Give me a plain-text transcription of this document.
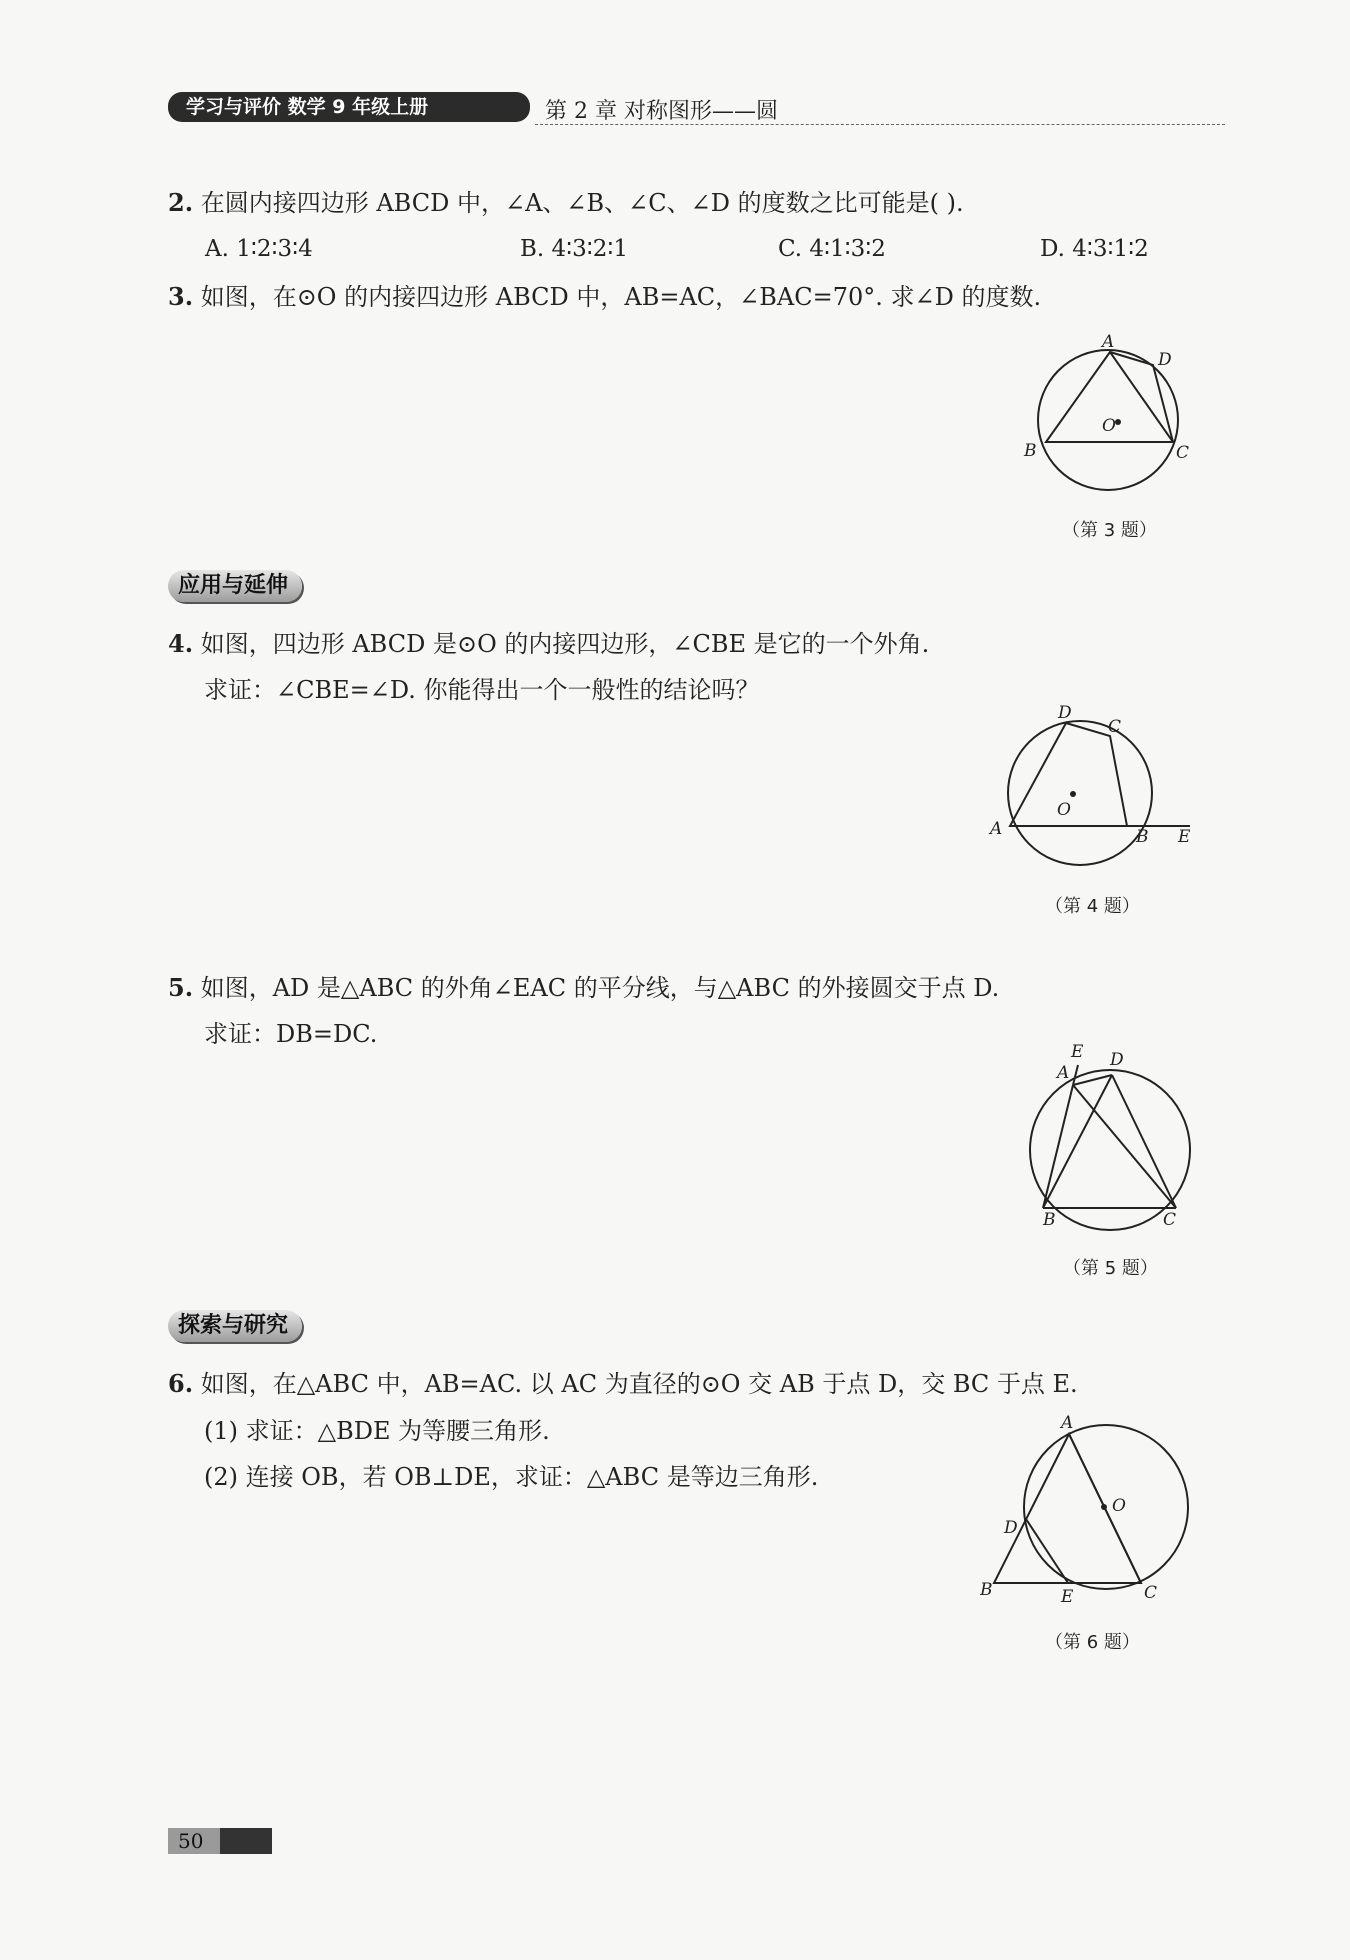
学习与评价 数学 9 年级上册	第 2 章 对称图形——圆
2. 在圆内接四边形 ABCD 中，∠A、∠B、∠C、∠D 的度数之比可能是( ).
A. 1∶2∶3∶4	B. 4∶3∶2∶1	C. 4∶1∶3∶2	D. 4∶3∶1∶2
3. 如图，在⊙O 的内接四边形 ABCD 中，AB=AC，∠BAC=70°. 求∠D 的度数.
A
D
O
B	C
（第 3 题）
应用与延伸
4. 如图，四边形 ABCD 是⊙O 的内接四边形，∠CBE 是它的一个外角.
求证：∠CBE=∠D. 你能得出一个一般性的结论吗？
D
C
O
A	B E
（第 4 题）
5. 如图，AD 是△ABC 的外角∠EAC 的平分线，与△ABC 的外接圆交于点 D.
求证：DB=DC.
E
A
D
B	C
（第 5 题）
探索与研究
6. 如图，在△ABC 中，AB=AC. 以 AC 为直径的⊙O 交 AB 于点 D，交 BC 于点 E.
(1) 求证：△BDE 为等腰三角形.
(2) 连接 OB，若 OB⊥DE，求证：△ABC 是等边三角形.
A
O
D
B	E	C
（第 6 题）
50
